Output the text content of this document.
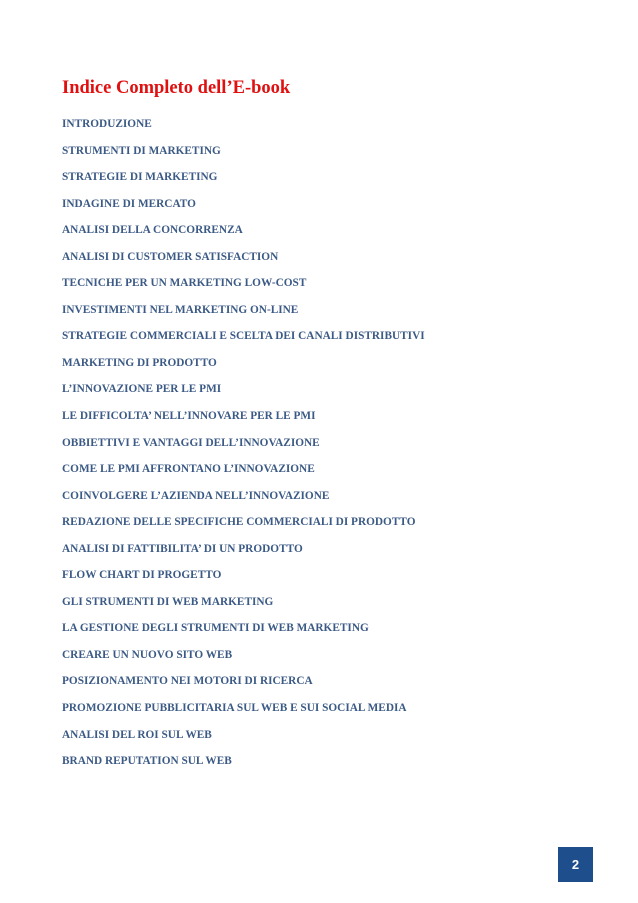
Indice Completo dell’E-book
INTRODUZIONE
STRUMENTI DI MARKETING
STRATEGIE DI MARKETING
INDAGINE DI MERCATO
ANALISI DELLA CONCORRENZA
ANALISI DI CUSTOMER SATISFACTION
TECNICHE PER UN MARKETING LOW-COST
INVESTIMENTI NEL MARKETING ON-LINE
STRATEGIE COMMERCIALI E SCELTA DEI CANALI DISTRIBUTIVI
MARKETING DI PRODOTTO
L’INNOVAZIONE PER LE PMI
LE DIFFICOLTA’ NELL’INNOVARE PER LE PMI
OBBIETTIVI E VANTAGGI DELL’INNOVAZIONE
COME LE PMI AFFRONTANO L’INNOVAZIONE
COINVOLGERE L’AZIENDA NELL’INNOVAZIONE
REDAZIONE DELLE SPECIFICHE COMMERCIALI DI PRODOTTO
ANALISI DI FATTIBILITA’ DI UN PRODOTTO
FLOW CHART DI PROGETTO
GLI STRUMENTI DI WEB MARKETING
LA GESTIONE DEGLI STRUMENTI DI WEB MARKETING
CREARE UN NUOVO SITO WEB
POSIZIONAMENTO NEI MOTORI DI RICERCA
PROMOZIONE PUBBLICITARIA SUL WEB E SUI SOCIAL MEDIA
ANALISI DEL ROI SUL WEB
BRAND REPUTATION SUL WEB
2
